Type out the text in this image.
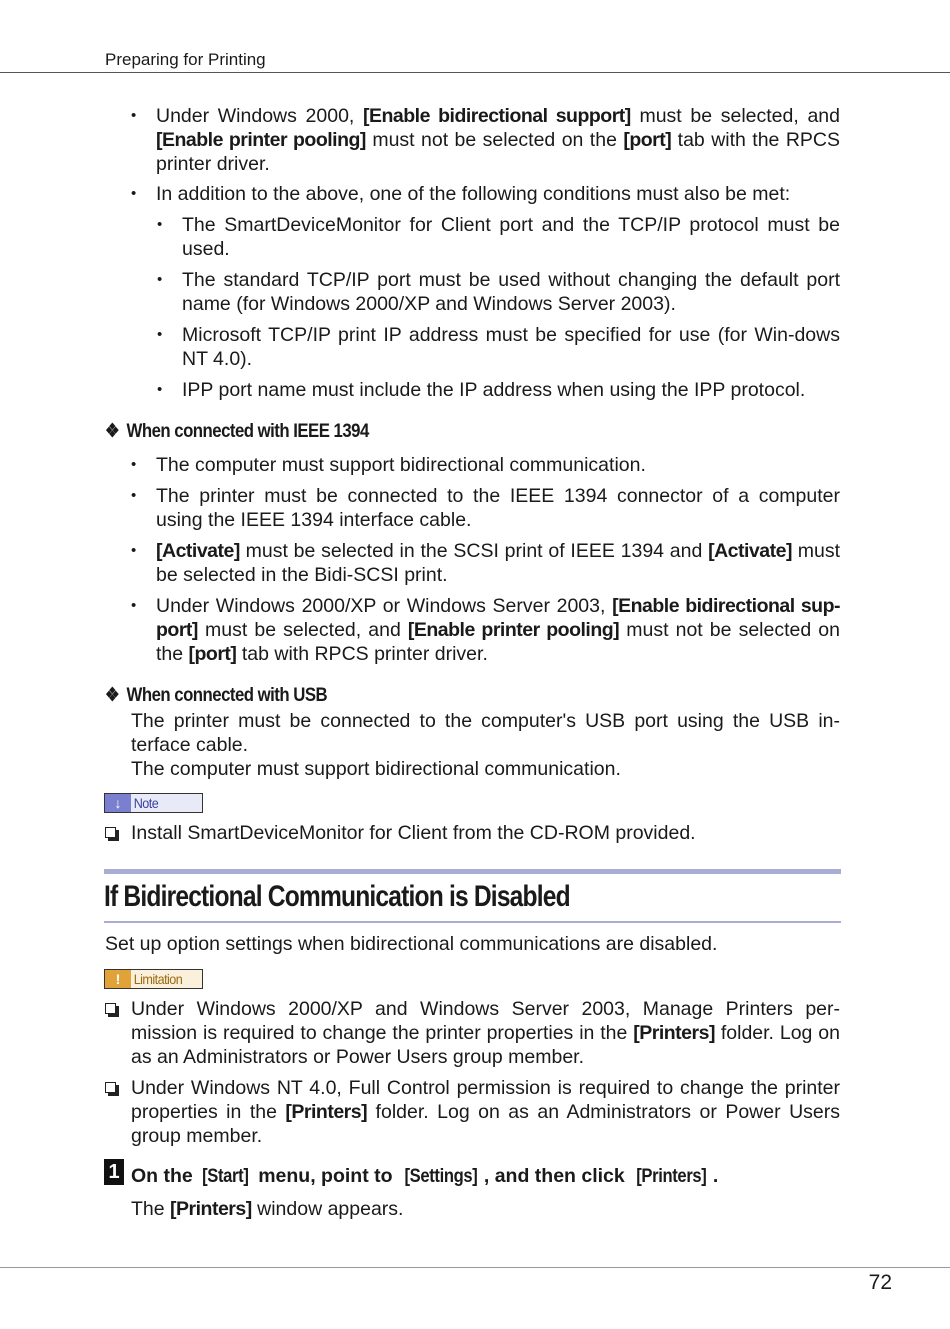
Preparing for Printing
• Under Windows 2000, [Enable bidirectional support] must be selected, and [Enable printer pooling] must not be selected on the [port] tab with the RPCS printer driver.
• In addition to the above, one of the following conditions must also be met:
• The SmartDeviceMonitor for Client port and the TCP/IP protocol must be used.
• The standard TCP/IP port must be used without changing the default port name (for Windows 2000/XP and Windows Server 2003).
• Microsoft TCP/IP print IP address must be specified for use (for Win-dows NT 4.0).
• IPP port name must include the IP address when using the IPP protocol.
❖ When connected with IEEE 1394
• The computer must support bidirectional communication.
• The printer must be connected to the IEEE 1394 connector of a computer using the IEEE 1394 interface cable.
• [Activate] must be selected in the SCSI print of IEEE 1394 and [Activate] must be selected in the Bidi-SCSI print.
• Under Windows 2000/XP or Windows Server 2003, [Enable bidirectional sup-port] must be selected, and [Enable printer pooling] must not be selected on the [port] tab with RPCS printer driver.
❖ When connected with USB
The printer must be connected to the computer's USB port using the USB in-terface cable.
The computer must support bidirectional communication.
↓ Note
Install SmartDeviceMonitor for Client from the CD-ROM provided.
If Bidirectional Communication is Disabled
Set up option settings when bidirectional communications are disabled.
! Limitation
Under Windows 2000/XP and Windows Server 2003, Manage Printers per-mission is required to change the printer properties in the [Printers] folder. Log on as an Administrators or Power Users group member.
Under Windows NT 4.0, Full Control permission is required to change the printer properties in the [Printers] folder. Log on as an Administrators or Power Users group member.
1 On the [Start] menu, point to [Settings] , and then click [Printers] .
The [Printers] window appears.
72
